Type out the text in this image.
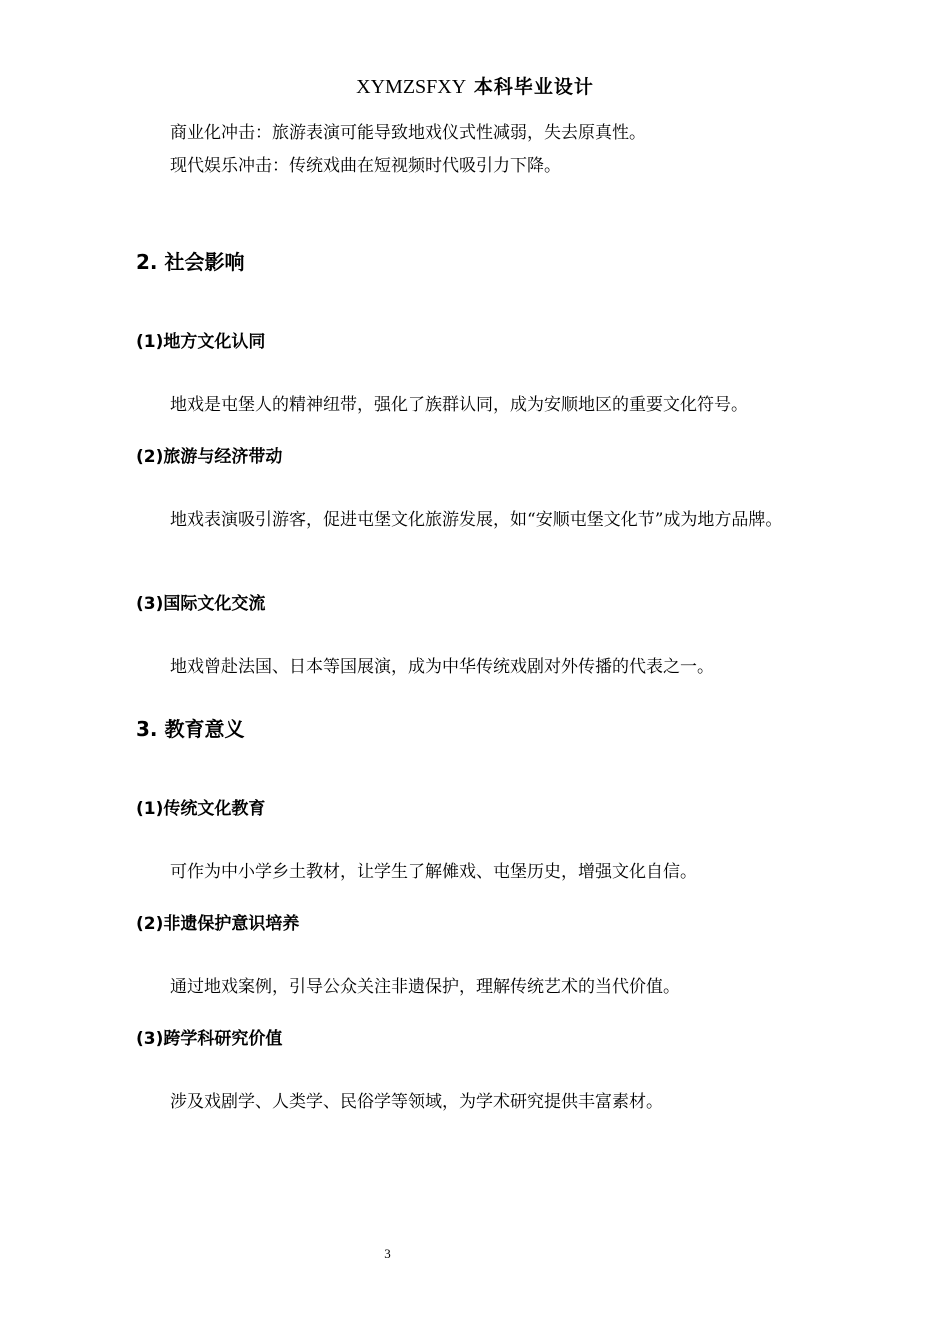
XYMZSFXY 本科毕业设计
商业化冲击：旅游表演可能导致地戏仪式性减弱，失去原真性。
现代娱乐冲击：传统戏曲在短视频时代吸引力下降。
2. 社会影响
(1)地方文化认同
地戏是屯堡人的精神纽带，强化了族群认同，成为安顺地区的重要文化符号。
(2)旅游与经济带动
地戏表演吸引游客，促进屯堡文化旅游发展，如“安顺屯堡文化节”成为地方品牌。
(3)国际文化交流
地戏曾赴法国、日本等国展演，成为中华传统戏剧对外传播的代表之一。
3. 教育意义
(1)传统文化教育
可作为中小学乡土教材，让学生了解傩戏、屯堡历史，增强文化自信。
(2)非遗保护意识培养
通过地戏案例，引导公众关注非遗保护，理解传统艺术的当代价值。
(3)跨学科研究价值
涉及戏剧学、人类学、民俗学等领域，为学术研究提供丰富素材。
3
